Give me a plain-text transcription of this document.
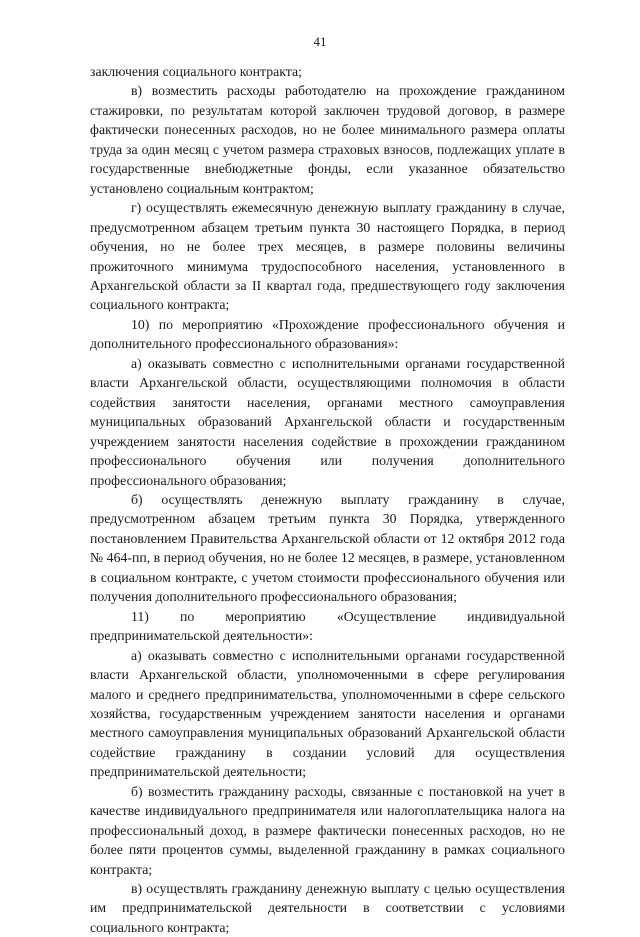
41

заключения социального контракта;

в) возместить расходы работодателю на прохождение гражданином стажировки, по результатам которой заключен трудовой договор, в размере фактически понесенных расходов, но не более минимального размера оплаты труда за один месяц с учетом размера страховых взносов, подлежащих уплате в государственные внебюджетные фонды, если указанное обязательство установлено социальным контрактом;

г) осуществлять ежемесячную денежную выплату гражданину в случае, предусмотренном абзацем третьим пункта 30 настоящего Порядка, в период обучения, но не более трех месяцев, в размере половины величины прожиточного минимума трудоспособного населения, установленного в Архангельской области за II квартал года, предшествующего году заключения социального контракта;

10) по мероприятию «Прохождение профессионального обучения и дополнительного профессионального образования»:

а) оказывать совместно с исполнительными органами государственной власти Архангельской области, осуществляющими полномочия в области содействия занятости населения, органами местного самоуправления муниципальных образований Архангельской области и государственным учреждением занятости населения содействие в прохождении гражданином профессионального обучения или получения дополнительного профессионального образования;

б) осуществлять денежную выплату гражданину в случае, предусмотренном абзацем третьим пункта 30 Порядка, утвержденного постановлением Правительства Архангельской области от 12 октября 2012 года № 464-пп, в период обучения, но не более 12 месяцев, в размере, установленном в социальном контракте, с учетом стоимости профессионального обучения или получения дополнительного профессионального образования;

11) по мероприятию «Осуществление индивидуальной предпринимательской деятельности»:

а) оказывать совместно с исполнительными органами государственной власти Архангельской области, уполномоченными в сфере регулирования малого и среднего предпринимательства, уполномоченными в сфере сельского хозяйства, государственным учреждением занятости населения и органами местного самоуправления муниципальных образований Архангельской области содействие гражданину в создании условий для осуществления предпринимательской деятельности;

б) возместить гражданину расходы, связанные с постановкой на учет в качестве индивидуального предпринимателя или налогоплательщика налога на профессиональный доход, в размере фактически понесенных расходов, но не более пяти процентов суммы, выделенной гражданину в рамках социального контракта;

в) осуществлять гражданину денежную выплату с целью осуществления им предпринимательской деятельности в соответствии с условиями социального контракта;
